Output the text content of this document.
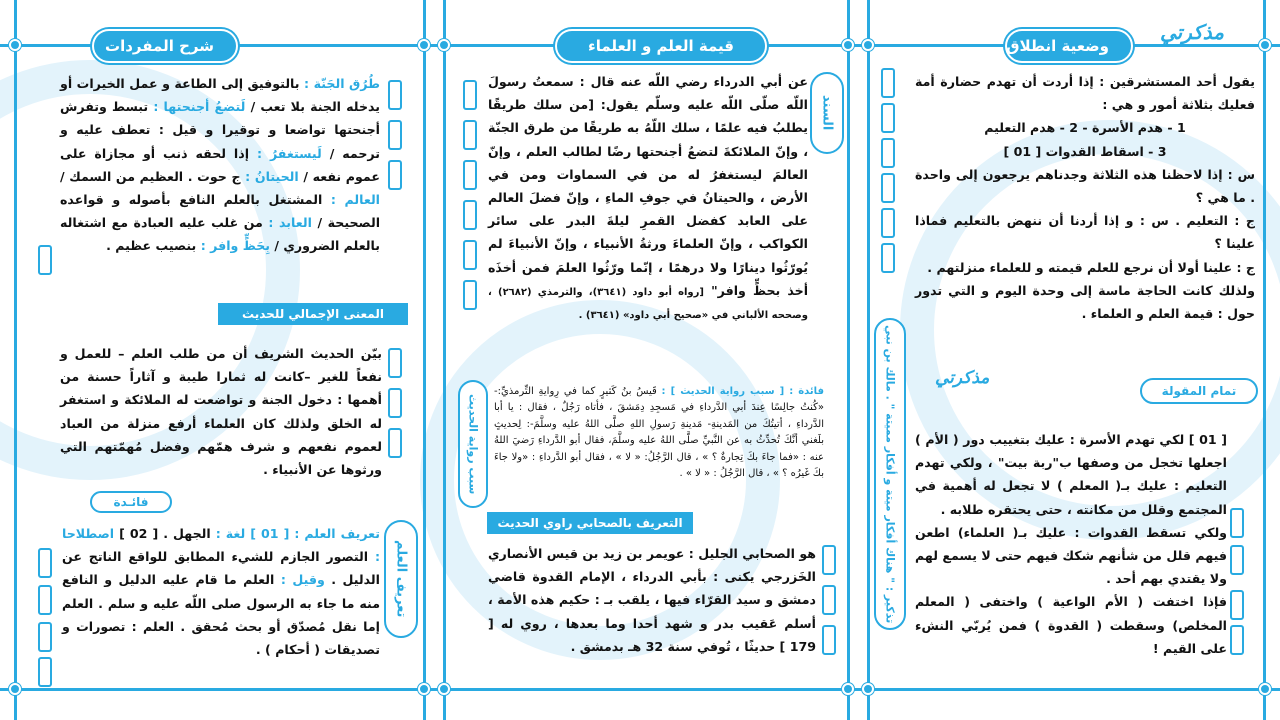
وضعية انطلاق
مذكرتي
يقول أحد المستشرقين : إذا أردت أن تهدم حضارة أمة فعليك بثلاثة أمور و هي :
1 - هدم الأسرة - 2 - هدم التعليم
3 - اسقاط القدوات [ 01 ]
س : إذا لاحظنا هذه الثلاثة وجدناهم يرجعون إلى واحدة . ما هي ؟
ج : التعليم . س : و إذا أردنا أن ننهض بالتعليم فماذا علينا ؟
ج : علينا أولا أن نرجع للعلم قيمته و للعلماء منزلتهم .
ولذلك كانت الحاجة ماسة إلى وحدة اليوم و التي تدور حول : قيمة العلم و العلماء .
تذكير : " هناك أفكار ميتة و أفكار مميتة " . مالك بن نبي	مذكرتي
تمام المقولة
[ 01 ] لكي تهدم الأسرة : عليك بتغييب دور ( الأم ) اجعلها تخجل من وصفها ب"ربة بيت" ، ولكي تهدم التعليم : عليك بـ( المعلم ) لا تجعل له أهمية في المجتمع وقلل من مكانته ، حتى يحتقره طلابه .
ولكي تسقط القدوات : عليك بـ( العلماء) اطعن فيهم قلل من شأنهم شكك فيهم حتى لا يسمع لهم ولا يقتدي بهم أحد .
فإذا اختفت ( الأم الواعية ) واختفى ( المعلم المخلص) وسقطت ( القدوة ) فمن يُربّي النشء على القيم !
قيمة العلم و العلماء
السند
عن أبي الدرداء رضي اللّه عنه قال : سمعتُ رسولَ اللّه صلّى اللّه عليه وسلّم يقول: [من سلك طريقًا يطلبُ فيه علمًا ، سلك اللّهُ به طريقًا من طرق الجنّة ، وإنّ الملائكةَ لتضعُ أجنحتها رضًا لطالب العلم ، وإنّ العالمَ ليستغفرُ له من في السماوات ومن في الأرض ، والحيتانُ في جوفِ الماءِ ، وإنّ فضلَ العالم على العابد كفضل القمرِ ليلةَ البدر على سائر الكواكب ، وإنّ العلماءَ ورثةُ الأنبياء ، وإنّ الأنبياءَ لم يُورّثُوا دينارًا ولا درهمًا ، إنّما ورّثُوا العلمَ فمن أخذَه أخذ بحظٍّ وافر" [رواه أبو داود (٣٦٤١)، والترمذي (٢٦٨٢) ، وصححه الألباني في «صحيح أبي داود» (٣٦٤١) .
سبب رواية الحديث
فائدة : [ سبب رواية الحديث ] : قَيسُ بنُ كَثيرٍ كما في رِوايةِ التِّرمذيِّ:- «كُنتُ جالِسًا عِندَ أبي الدَّرداءِ في مَسجِدِ دِمَشقَ ، فأتاه رَجُلٌ ، فقال : يا أبا الدَّرداءِ ، أتيتُكَ من المَدينةِ- مَدينةِ رَسولِ اللهِ صلَّى اللهُ عليه وسلَّمَ-: لِحديثٍ بلَغني أنَّكَ تُحدِّثُ به عن النَّبيِّ صلَّى اللهُ عليه وسلَّمَ، فقال أبو الدَّرداءِ رَضيَ اللهُ عنه : «فما جاءَ بكَ تِجارةٌ ؟ » ، قال الرَّجُلُ: « لا » ، فقال أبو الدَّرداءِ : «ولا جاءَ بكَ غَيرُه ؟ » ، قال الرَّجُلُ : « لا » .
التعريف بالصحابي راوي الحديث
هو الصحابي الجليل : عويمر بن زيد بن قيس الأنصاري الخَزرجي يكنى : بأبي الدرداء ، الإمام القدوة قاضي دمشق و سيد القرّاء فيها ، يلقب بـ : حكيم هذه الأمة ، أسلم عَقيب بدر و شهد أحدا وما بعدها ، روي له [ 179 ] حديثًا ، تُوفي سنة 32 هـ بدمشق .
شرح المفردات
طُرُق الجَنّة : بالتوفيق إلى الطاعة و عمل الخيرات أو يدخله الجنة بلا تعب / لَتضعُ أجنحتها : تبسط وتفرش أجنحتها تواضعا و توقيرا و قيل : تعطف عليه و ترحمه / لَيستغفرُ : إذا لحقه ذنب أو مجازاة على عموم نفعه / الحيتانُ : ج حوت . العظيم من السمك / العالم : المشتغل بالعلم النافع بأصوله و قواعده الصحيحة / العابد : من غلب عليه العبادة مع اشتغاله بالعلم الضروري / بِحَظٍّ وافر : بنصيب عظيم .
المعنى الإجمالي للحديث
بيّن الحديث الشريف أن من طلب العلم – للعمل و نفعاً للغير –كانت له ثمارا طيبة و آثاراً حسنة من أهمها : دخول الجنة و تواضعت له الملائكة و استغفر له الخلق ولذلك كان العلماء أرفع منزلة من العباد لعموم نفعهم و شرف همّهم وفضل مُهمّتهم التي ورثوها عن الأنبياء .
فائـدة
تعريف العلم
تعريف العلم : [ 01 ] لغة : الجهل . [ 02 ] اصطلاحا : التصور الجازم للشيء المطابق للواقع الناتج عن الدليل . وقيل : العلم ما قام عليه الدليل و النافع منه ما جاء به الرسول صلى اللّه عليه و سلم . العلم إما نقل مُصدّق أو بحث مُحقق . العلم : تصورات و تصديقات ( أحكام ) .
